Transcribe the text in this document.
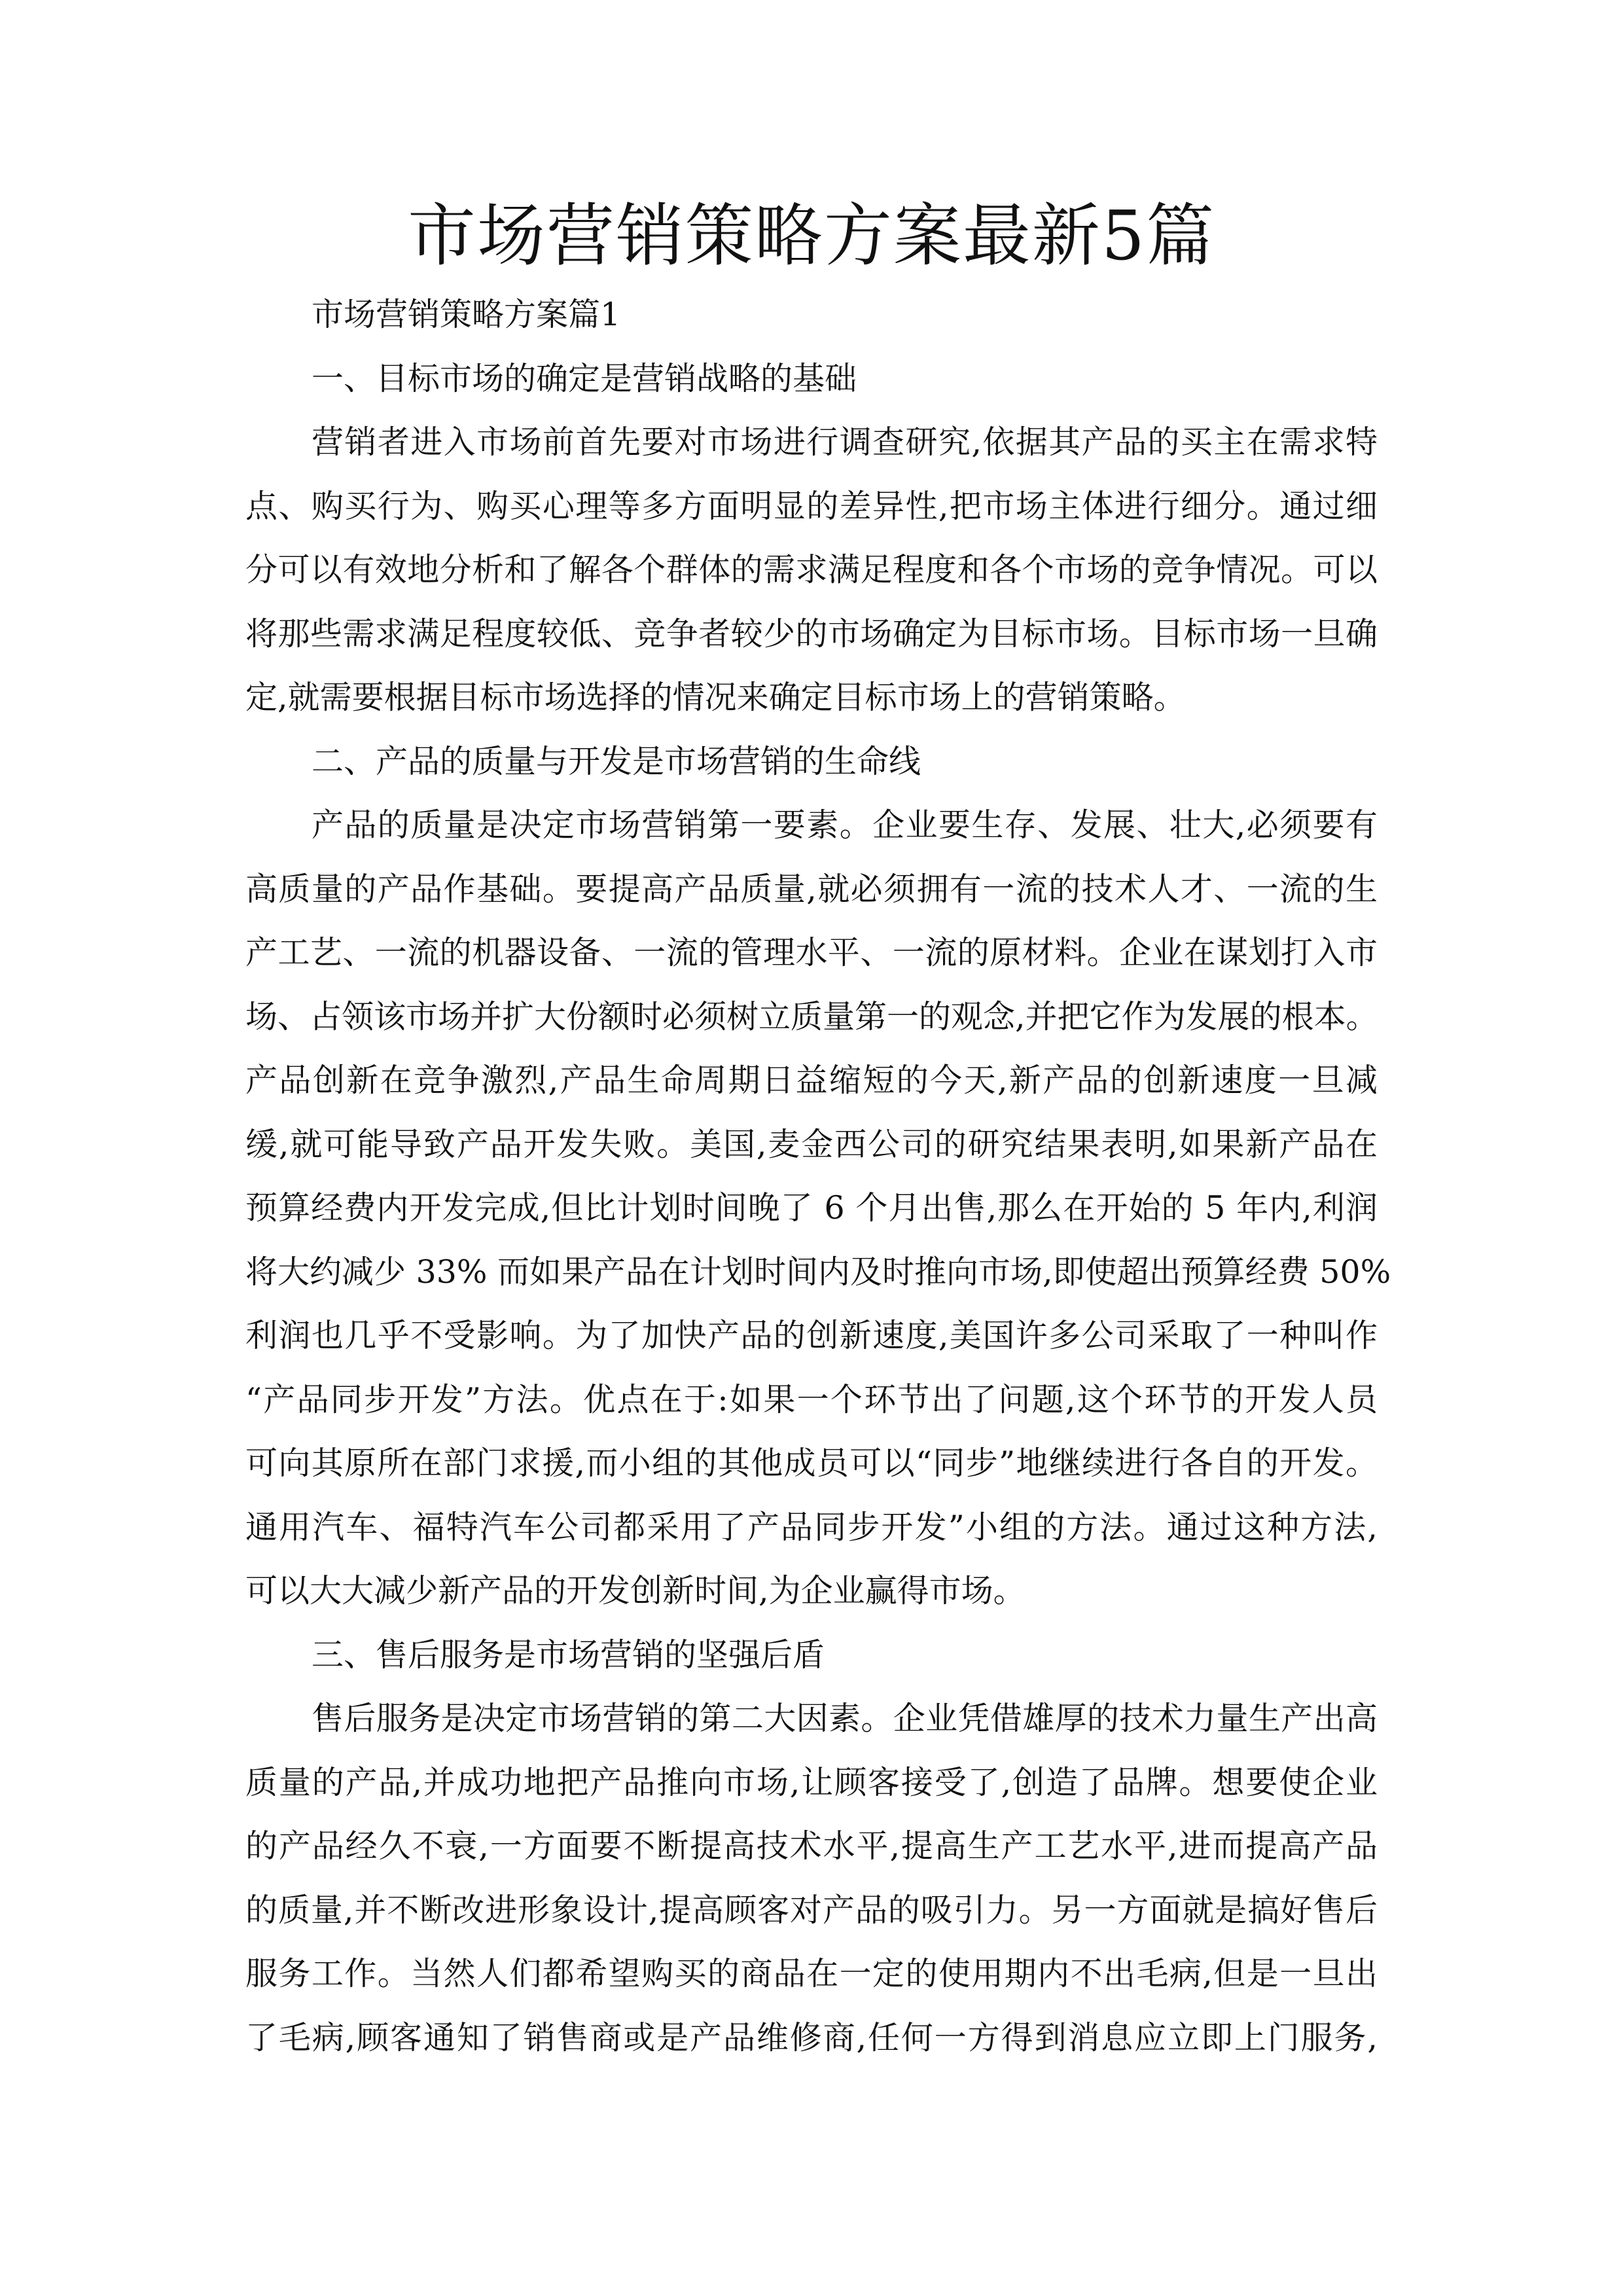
市场营销策略方案最新5篇
市场营销策略方案篇1
一、目标市场的确定是营销战略的基础
营销者进入市场前首先要对市场进行调查研究,依据其产品的买主在需求特
点、购买行为、购买心理等多方面明显的差异性,把市场主体进行细分。通过细
分可以有效地分析和了解各个群体的需求满足程度和各个市场的竞争情况。可以
将那些需求满足程度较低、竞争者较少的市场确定为目标市场。目标市场一旦确
定,就需要根据目标市场选择的情况来确定目标市场上的营销策略。
二、产品的质量与开发是市场营销的生命线
产品的质量是决定市场营销第一要素。企业要生存、发展、壮大,必须要有
高质量的产品作基础。要提高产品质量,就必须拥有一流的技术人才、一流的生
产工艺、一流的机器设备、一流的管理水平、一流的原材料。企业在谋划打入市
场、占领该市场并扩大份额时必须树立质量第一的观念,并把它作为发展的根本。
产品创新在竞争激烈,产品生命周期日益缩短的今天,新产品的创新速度一旦减
缓,就可能导致产品开发失败。美国,麦金西公司的研究结果表明,如果新产品在
预算经费内开发完成,但比计划时间晚了 6 个月出售,那么在开始的 5 年内,利润
将大约减少 33% 而如果产品在计划时间内及时推向市场,即使超出预算经费 50%
利润也几乎不受影响。为了加快产品的创新速度,美国许多公司采取了一种叫作
“产品同步开发”方法。优点在于:如果一个环节出了问题,这个环节的开发人员
可向其原所在部门求援,而小组的其他成员可以“同步”地继续进行各自的开发。
通用汽车、福特汽车公司都采用了产品同步开发”小组的方法。通过这种方法,
可以大大减少新产品的开发创新时间,为企业赢得市场。
三、售后服务是市场营销的坚强后盾
售后服务是决定市场营销的第二大因素。企业凭借雄厚的技术力量生产出高
质量的产品,并成功地把产品推向市场,让顾客接受了,创造了品牌。想要使企业
的产品经久不衰,一方面要不断提高技术水平,提高生产工艺水平,进而提高产品
的质量,并不断改进形象设计,提高顾客对产品的吸引力。另一方面就是搞好售后
服务工作。当然人们都希望购买的商品在一定的使用期内不出毛病,但是一旦出
了毛病,顾客通知了销售商或是产品维修商,任何一方得到消息应立即上门服务,
